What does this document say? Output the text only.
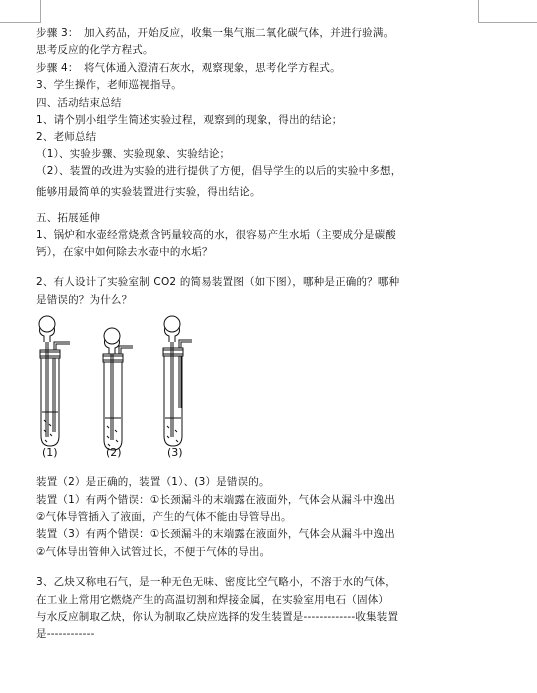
步骤 3：　加入药品，开始反应，收集一集气瓶二氧化碳气体，并进行验满。
思考反应的化学方程式。
步骤 4：　将气体通入澄清石灰水，观察现象，思考化学方程式。
3、学生操作，老师巡视指导。
四、活动结束总结
1、请个别小组学生简述实验过程，观察到的现象，得出的结论；
2、老师总结
（1）、实验步骤、实验现象、实验结论；
（2）、装置的改进为实验的进行提供了方便，倡导学生的以后的实验中多想，
能够用最简单的实验装置进行实验，得出结论。
五、拓展延伸
1、锅炉和水壶经常烧煮含钙量较高的水，很容易产生水垢（主要成分是碳酸
钙），在家中如何除去水壶中的水垢？
2、有人设计了实验室制 CO2 的简易装置图（如下图），哪种是正确的？哪种
是错误的？为什么？
(1)	(2)	(3)
装置（2）是正确的，装置（1）、(3）是错误的。
装置（1）有两个错误：①长颈漏斗的末端露在液面外，气体会从漏斗中逸出
②气体导管插入了液面，产生的气体不能由导管导出。
装置（3）有两个错误：①长颈漏斗的末端露在液面外，气体会从漏斗中逸出
②气体导出管伸入试管过长，不便于气体的导出。
3、乙炔又称电石气，是一种无色无味、密度比空气略小，不溶于水的气体，
在工业上常用它燃烧产生的高温切割和焊接金属，在实验室用电石（固体）
与水反应制取乙炔，你认为制取乙炔应选择的发生装置是-------------收集装置
是------------
